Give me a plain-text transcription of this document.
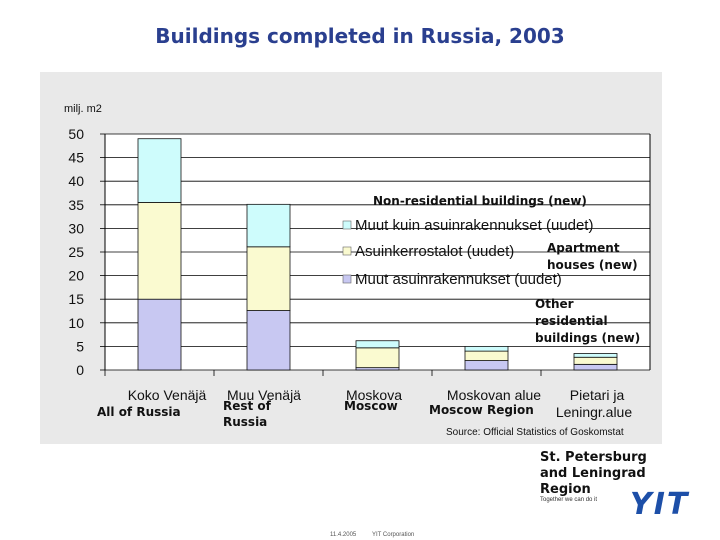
Buildings completed in Russia, 2003
milj. m2
0
5
10
15
20
25
30
35
40
45
50
Koko Venäjä Muu Venäjä	Moskova	Moskovan alue Pietari ja
Leningr.alue
All of Russia	Rest of
Russia
Moscow	Moscow Region
Muut kuin asuinrakennukset (uudet)
Asuinkerrostalot (uudet)
Muut asuinrakennukset (uudet)
Non-residential buildings (new)
Apartment
houses (new)
Other
residential
buildings (new)
Source: Official Statistics of Goskomstat
St. Petersburg
and Leningrad
Region
Together we can do it YIT
11.4.2005	YIT Corporation
